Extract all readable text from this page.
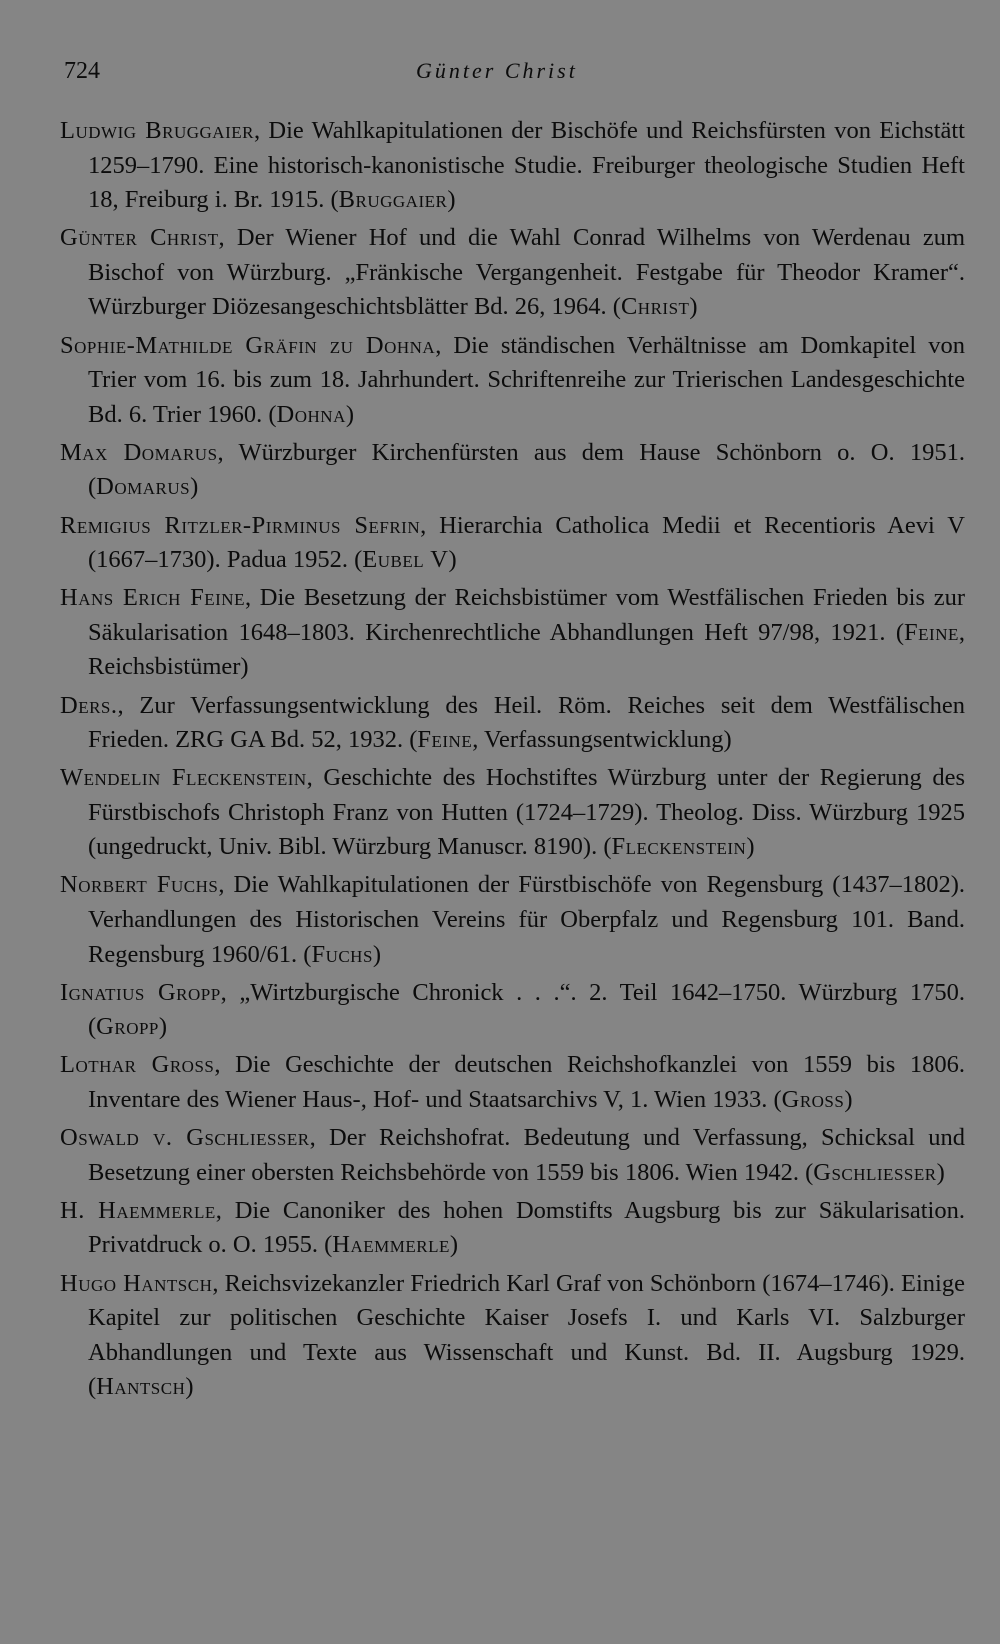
724	Günter Christ
Ludwig Bruggaier, Die Wahlkapitulationen der Bischöfe und Reichsfürsten von Eichstätt 1259–1790. Eine historisch-kanonistische Studie. Freiburger theologische Studien Heft 18, Freiburg i. Br. 1915. (Bruggaier)
Günter Christ, Der Wiener Hof und die Wahl Conrad Wilhelms von Werdenau zum Bischof von Würzburg. „Fränkische Vergangenheit. Festgabe für Theodor Kramer“. Würzburger Diözesangeschichtsblätter Bd. 26, 1964. (Christ)
Sophie-Mathilde Gräfin zu Dohna, Die ständischen Verhältnisse am Domkapitel von Trier vom 16. bis zum 18. Jahrhundert. Schriftenreihe zur Trierischen Landesgeschichte Bd. 6. Trier 1960. (Dohna)
Max Domarus, Würzburger Kirchenfürsten aus dem Hause Schönborn o. O. 1951. (Domarus)
Remigius Ritzler-Pirminus Sefrin, Hierarchia Catholica Medii et Recentioris Aevi V (1667–1730). Padua 1952. (Eubel V)
Hans Erich Feine, Die Besetzung der Reichsbistümer vom Westfälischen Frieden bis zur Säkularisation 1648–1803. Kirchenrechtliche Abhandlungen Heft 97/98, 1921. (Feine, Reichsbistümer)
Ders., Zur Verfassungsentwicklung des Heil. Röm. Reiches seit dem Westfälischen Frieden. ZRG GA Bd. 52, 1932. (Feine, Verfassungsentwicklung)
Wendelin Fleckenstein, Geschichte des Hochstiftes Würzburg unter der Regierung des Fürstbischofs Christoph Franz von Hutten (1724–1729). Theolog. Diss. Würzburg 1925 (ungedruckt, Univ. Bibl. Würzburg Manuscr. 8190). (Fleckenstein)
Norbert Fuchs, Die Wahlkapitulationen der Fürstbischöfe von Regensburg (1437–1802). Verhandlungen des Historischen Vereins für Oberpfalz und Regensburg 101. Band. Regensburg 1960/61. (Fuchs)
Ignatius Gropp, „Wirtzburgische Chronick . . .“. 2. Teil 1642–1750. Würzburg 1750. (Gropp)
Lothar Gross, Die Geschichte der deutschen Reichshofkanzlei von 1559 bis 1806. Inventare des Wiener Haus-, Hof- und Staatsarchivs V, 1. Wien 1933. (Gross)
Oswald v. Gschliesser, Der Reichshofrat. Bedeutung und Verfassung, Schicksal und Besetzung einer obersten Reichsbehörde von 1559 bis 1806. Wien 1942. (Gschliesser)
H. Haemmerle, Die Canoniker des hohen Domstifts Augsburg bis zur Säkularisation. Privatdruck o. O. 1955. (Haemmerle)
Hugo Hantsch, Reichsvizekanzler Friedrich Karl Graf von Schönborn (1674–1746). Einige Kapitel zur politischen Geschichte Kaiser Josefs I. und Karls VI. Salzburger Abhandlungen und Texte aus Wissenschaft und Kunst. Bd. II. Augsburg 1929. (Hantsch)
